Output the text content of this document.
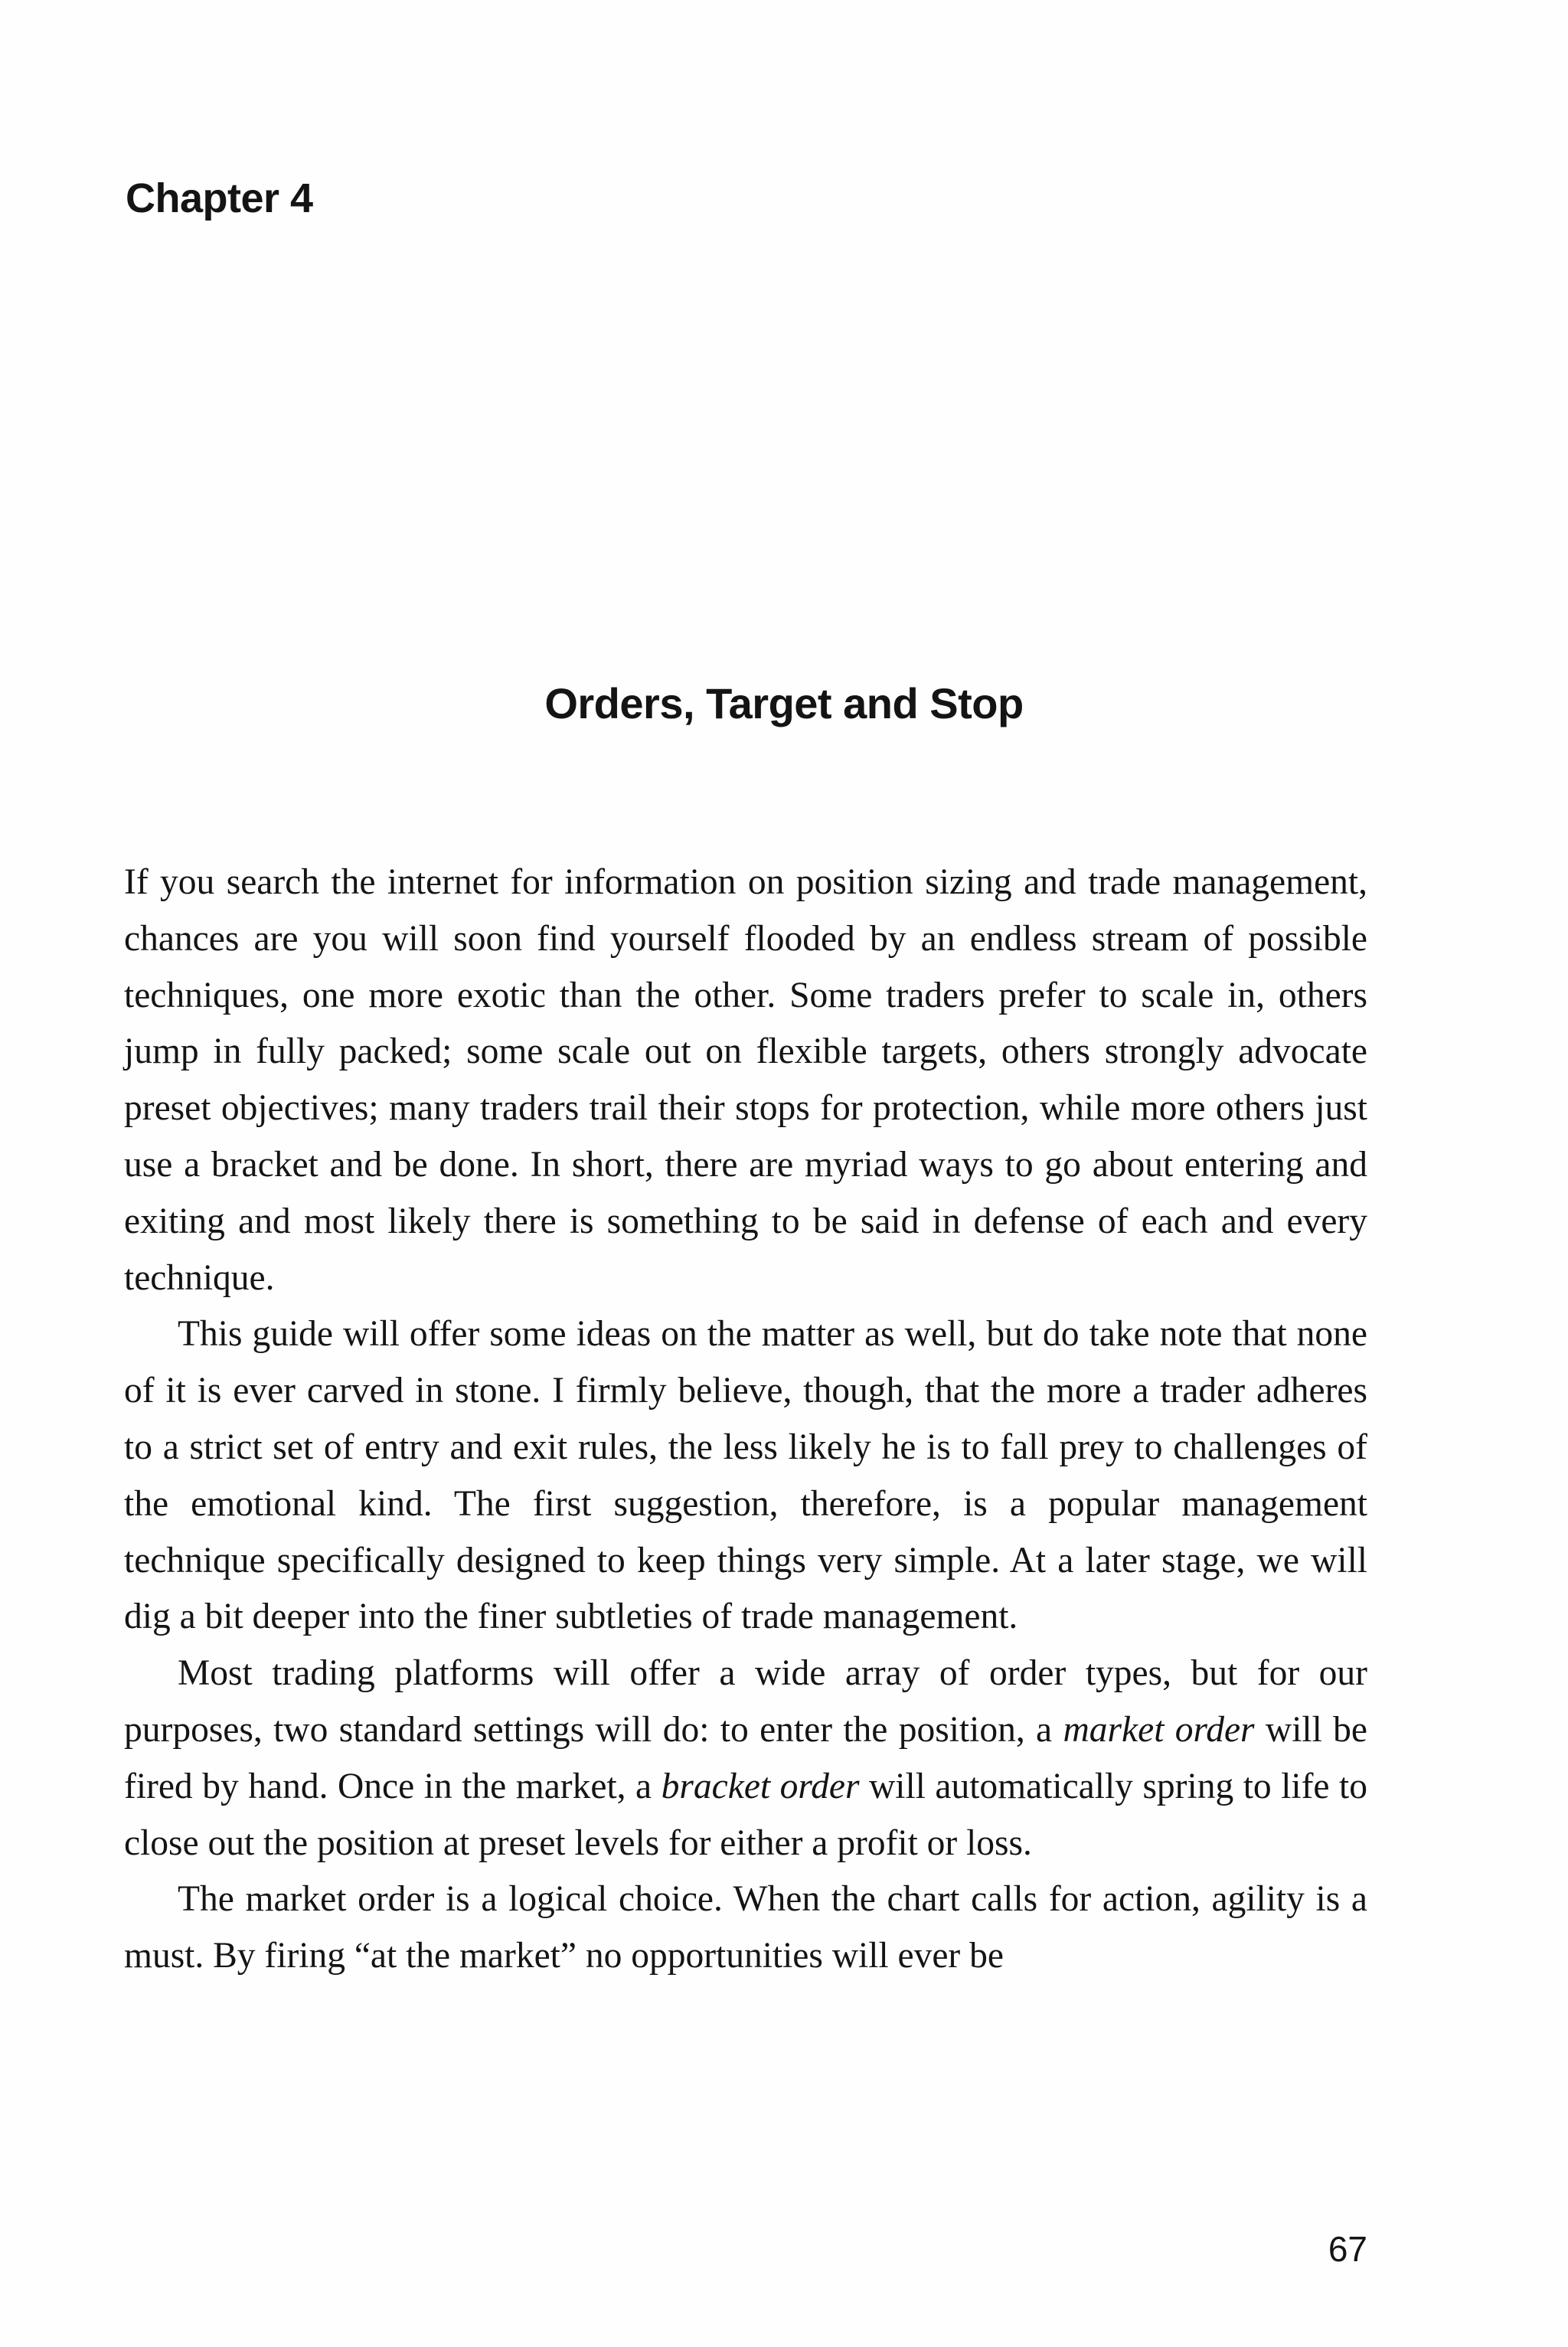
Chapter 4
Orders, Target and Stop

If you search the internet for information on position sizing and trade management, chances are you will soon find yourself flooded by an endless stream of possible techniques, one more exotic than the other. Some traders prefer to scale in, others jump in fully packed; some scale out on flexible targets, others strongly advocate preset objectives; many traders trail their stops for protection, while more others just use a bracket and be done. In short, there are myriad ways to go about entering and exiting and most likely there is something to be said in defense of each and every technique.

This guide will offer some ideas on the matter as well, but do take note that none of it is ever carved in stone. I firmly believe, though, that the more a trader adheres to a strict set of entry and exit rules, the less likely he is to fall prey to challenges of the emotional kind. The first suggestion, therefore, is a popular management technique specifically designed to keep things very simple. At a later stage, we will dig a bit deeper into the finer subtleties of trade management.

Most trading platforms will offer a wide array of order types, but for our purposes, two standard settings will do: to enter the position, a market order will be fired by hand. Once in the market, a bracket order will automatically spring to life to close out the position at preset levels for either a profit or loss.

The market order is a logical choice. When the chart calls for action, agility is a must. By firing “at the market” no opportunities will ever be

67
